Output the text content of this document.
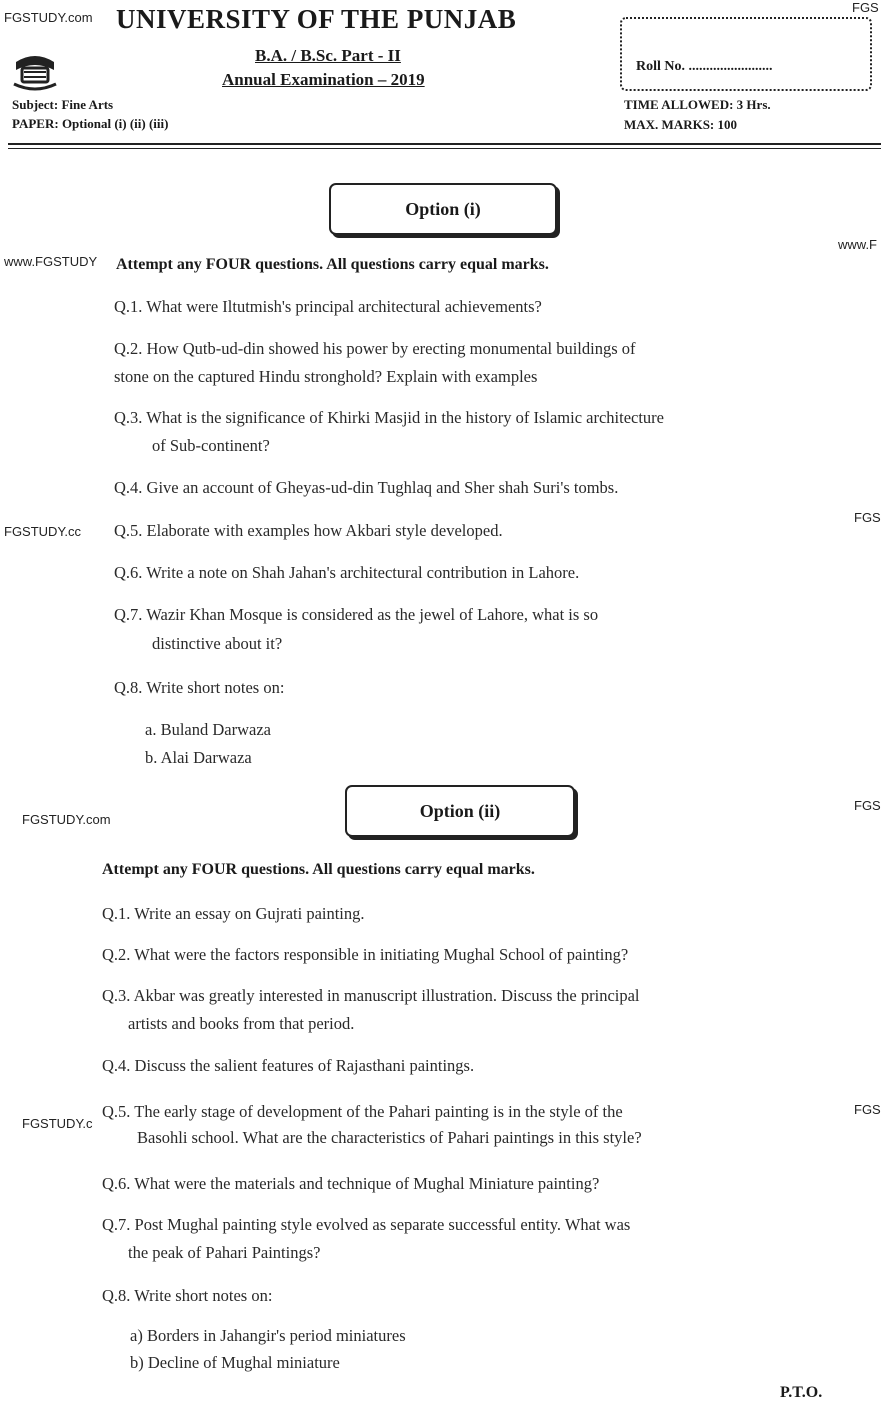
FGSTUDY.com
FGS
www.FGSTUDY
www.F
FGSTUDY.cc
FGS
FGSTUDY.com
FGS
FGSTUDY.c
FGS
UNIVERSITY OF THE PUNJAB
B.A. / B.Sc. Part - II
Annual Examination – 2019
Subject: Fine Arts
PAPER: Optional (i) (ii) (iii)
Roll No. ........................
TIME ALLOWED: 3 Hrs.
MAX. MARKS: 100
Option (i)
Attempt any FOUR questions. All questions carry equal marks.
Q.1. What were Iltutmish's principal architectural achievements?
Q.2. How Qutb-ud-din showed his power by erecting monumental buildings of
stone on the captured Hindu stronghold? Explain with examples
Q.3. What is the significance of Khirki Masjid in the history of Islamic architecture
of Sub-continent?
Q.4. Give an account of Gheyas-ud-din Tughlaq and Sher shah Suri's tombs.
Q.5. Elaborate with examples how Akbari style developed.
Q.6. Write a note on Shah Jahan's architectural contribution in Lahore.
Q.7. Wazir Khan Mosque is considered as the jewel of Lahore, what is so
distinctive about it?
Q.8. Write short notes on:
a. Buland Darwaza
b. Alai Darwaza
Option (ii)
Attempt any FOUR questions. All questions carry equal marks.
Q.1. Write an essay on Gujrati painting.
Q.2. What were the factors responsible in initiating Mughal School of painting?
Q.3. Akbar was greatly interested in manuscript illustration. Discuss the principal
artists and books from that period.
Q.4. Discuss the salient features of Rajasthani paintings.
Q.5. The early stage of development of the Pahari painting is in the style of the
Basohli school. What are the characteristics of Pahari paintings in this style?
Q.6. What were the materials and technique of Mughal Miniature painting?
Q.7. Post Mughal painting style evolved as separate successful entity. What was
the peak of Pahari Paintings?
Q.8. Write short notes on:
a) Borders in Jahangir's period miniatures
b) Decline of Mughal miniature
P.T.O.
